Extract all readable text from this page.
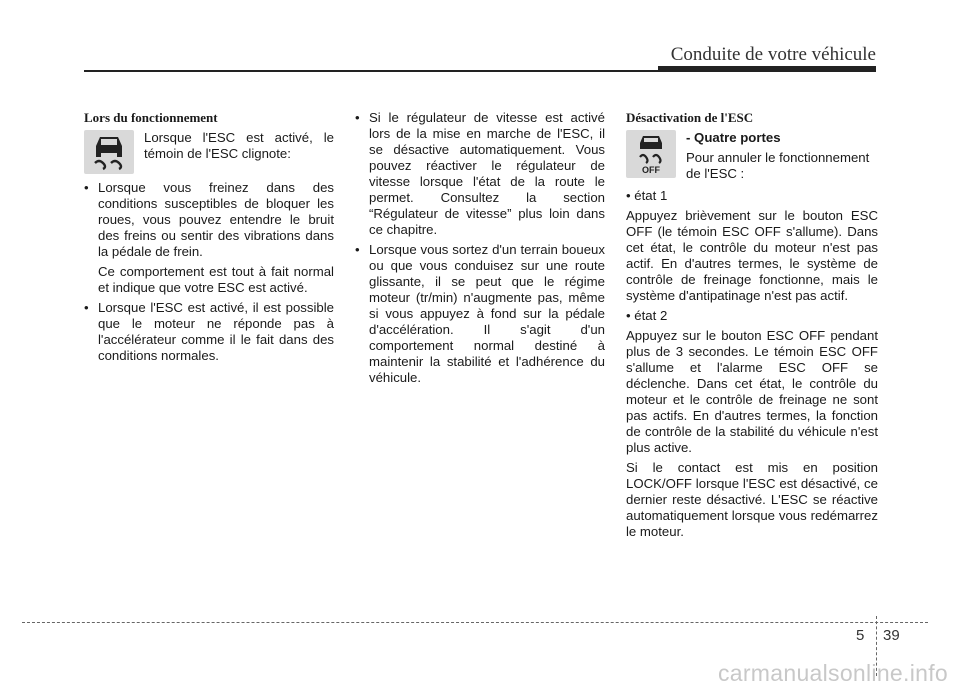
Conduite de votre véhicule
Lors du fonctionnement
Lorsque l'ESC est activé, le témoin de l'ESC clignote:
• Lorsque vous freinez dans des conditions susceptibles de bloquer les roues, vous pouvez entendre le bruit des freins ou sentir des vibrations dans la pédale de frein.
Ce comportement est tout à fait normal et indique que votre ESC est activé.
• Lorsque l'ESC est activé, il est possible que le moteur ne réponde pas à l'accélérateur comme il le fait dans des conditions normales.
• Si le régulateur de vitesse est activé lors de la mise en marche de l'ESC, il se désactive automatiquement. Vous pouvez réactiver le régulateur de vitesse lorsque l'état de la route le permet. Consultez la section “Régulateur de vitesse” plus loin dans ce chapitre.
• Lorsque vous sortez d'un terrain boueux ou que vous conduisez sur une route glissante, il se peut que le régime moteur (tr/min) n'augmente pas, même si vous appuyez à fond sur la pédale d'accélération. Il s'agit d'un comportement normal destiné à maintenir la stabilité et l'adhérence du véhicule.
Désactivation de l'ESC
OFF
- Quatre portes
Pour annuler le fonctionnement de l'ESC :
• état 1
Appuyez brièvement sur le bouton ESC OFF (le témoin ESC OFF s'allume). Dans cet état, le contrôle du moteur n'est pas actif. En d'autres termes, le système de contrôle de freinage fonctionne, mais le système d'antipatinage n'est pas actif.
• état 2
Appuyez sur le bouton ESC OFF pendant plus de 3 secondes. Le témoin ESC OFF s'allume et l'alarme ESC OFF se déclenche. Dans cet état, le contrôle du moteur et le contrôle de freinage ne sont pas actifs. En d'autres termes, la fonction de contrôle de la stabilité du véhicule n'est plus active.
Si le contact est mis en position LOCK/OFF lorsque l'ESC est désactivé, ce dernier reste désactivé. L'ESC se réactive automatiquement lorsque vous redémarrez le moteur.
5 39
carmanualsonline.info
